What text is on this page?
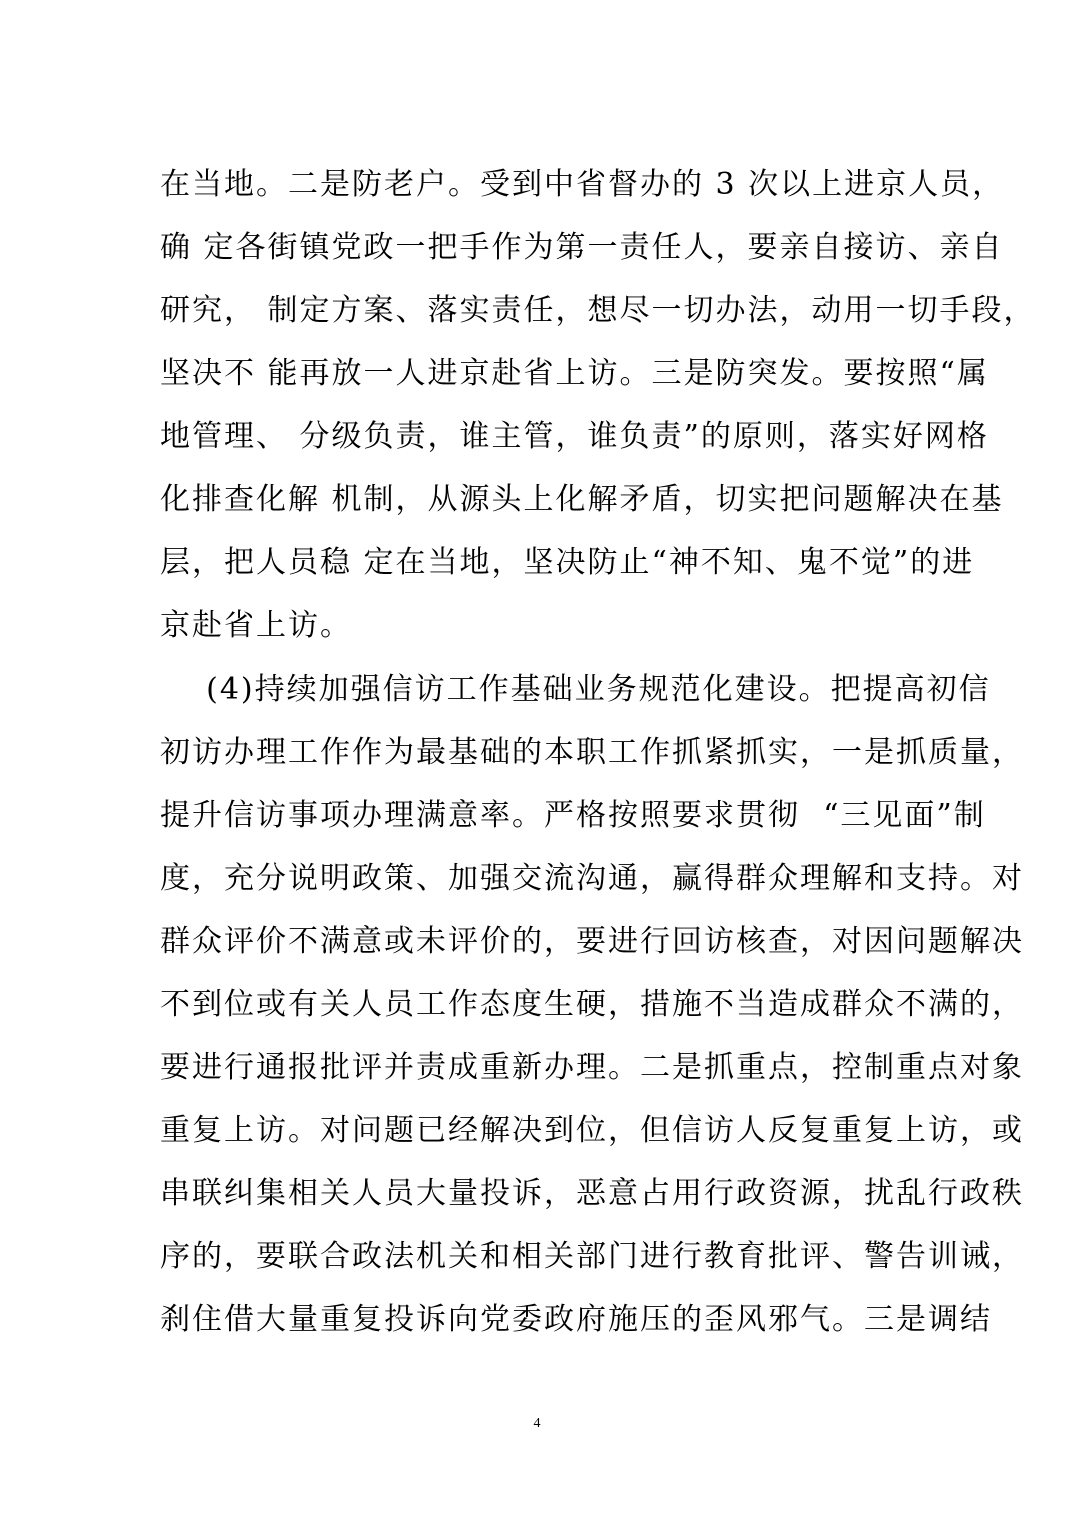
在当地。二是防老户。受到中省督办的 3 次以上进京人员，
确 定各街镇党政一把手作为第一责任人，要亲自接访、亲自
研究， 制定方案、落实责任，想尽一切办法，动用一切手段，
坚决不 能再放一人进京赴省上访。三是防突发。要按照“属
地管理、 分级负责，谁主管，谁负责”的原则，落实好网格
化排查化解 机制，从源头上化解矛盾，切实把问题解决在基
层，把人员稳 定在当地，坚决防止“神不知、鬼不觉”的进
京赴省上访。
(4)持续加强信访工作基础业务规范化建设。把提高初信
初访办理工作作为最基础的本职工作抓紧抓实，一是抓质量，
提升信访事项办理满意率。严格按照要求贯彻  “三见面”制
度，充分说明政策、加强交流沟通，赢得群众理解和支持。对
群众评价不满意或未评价的，要进行回访核查，对因问题解决
不到位或有关人员工作态度生硬，措施不当造成群众不满的，
要进行通报批评并责成重新办理。二是抓重点，控制重点对象
重复上访。对问题已经解决到位，但信访人反复重复上访，或
串联纠集相关人员大量投诉，恶意占用行政资源，扰乱行政秩
序的，要联合政法机关和相关部门进行教育批评、警告训诫，
刹住借大量重复投诉向党委政府施压的歪风邪气。三是调结
4
